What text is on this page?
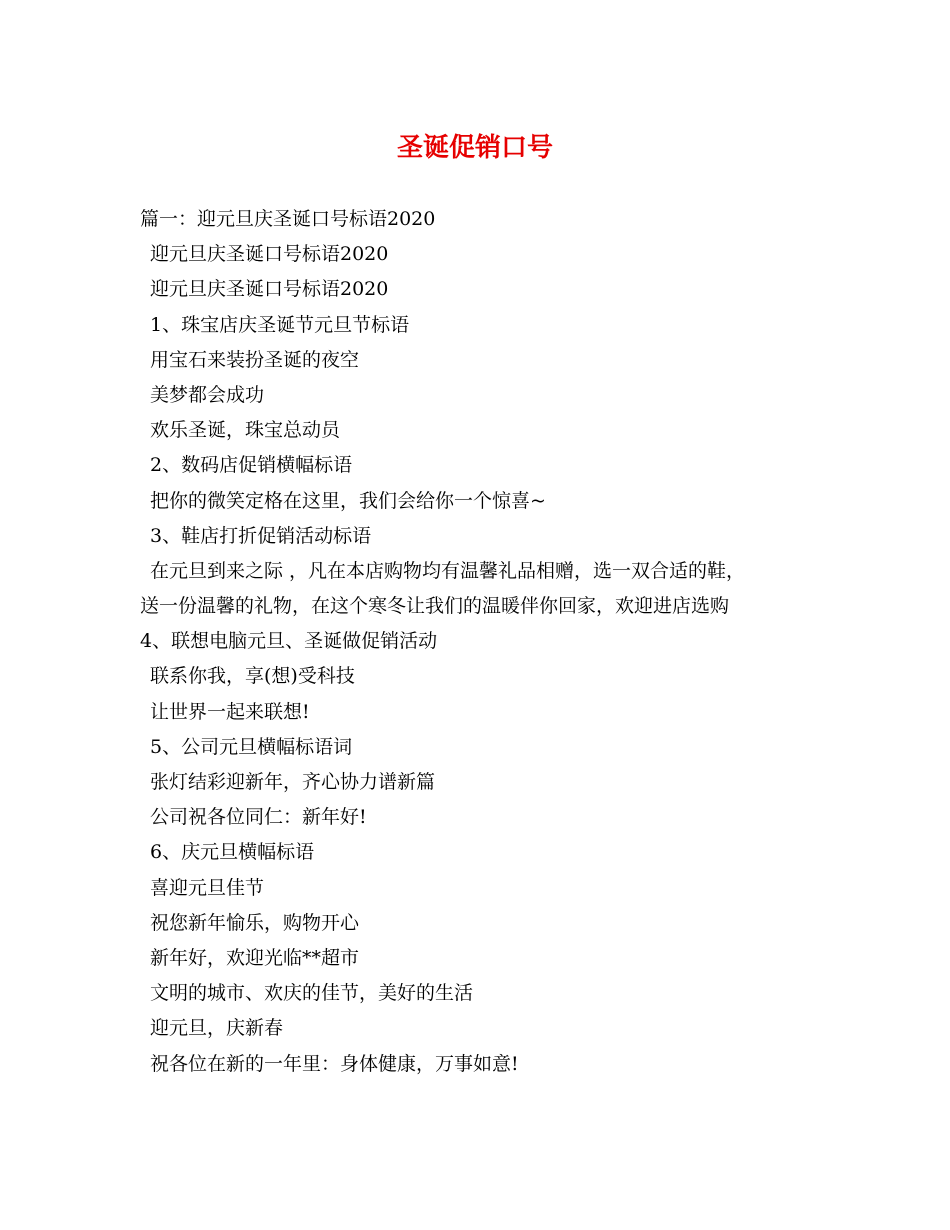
圣诞促销口号
篇一：迎元旦庆圣诞口号标语2020
迎元旦庆圣诞口号标语2020
迎元旦庆圣诞口号标语2020
1、珠宝店庆圣诞节元旦节标语
用宝石来装扮圣诞的夜空
美梦都会成功
欢乐圣诞，珠宝总动员
2、数码店促销横幅标语
把你的微笑定格在这里，我们会给你一个惊喜~
3、鞋店打折促销活动标语
在元旦到来之际 ，凡在本店购物均有温馨礼品相赠，选一双合适的鞋，
送一份温馨的礼物，在这个寒冬让我们的温暖伴你回家，欢迎进店选购
4、联想电脑元旦、圣诞做促销活动
联系你我，享(想)受科技
让世界一起来联想!
5、公司元旦横幅标语词
张灯结彩迎新年，齐心协力谱新篇
公司祝各位同仁：新年好!
6、庆元旦横幅标语
喜迎元旦佳节
祝您新年愉乐，购物开心
新年好，欢迎光临**超市
文明的城市、欢庆的佳节，美好的生活
迎元旦，庆新春
祝各位在新的一年里：身体健康，万事如意!
